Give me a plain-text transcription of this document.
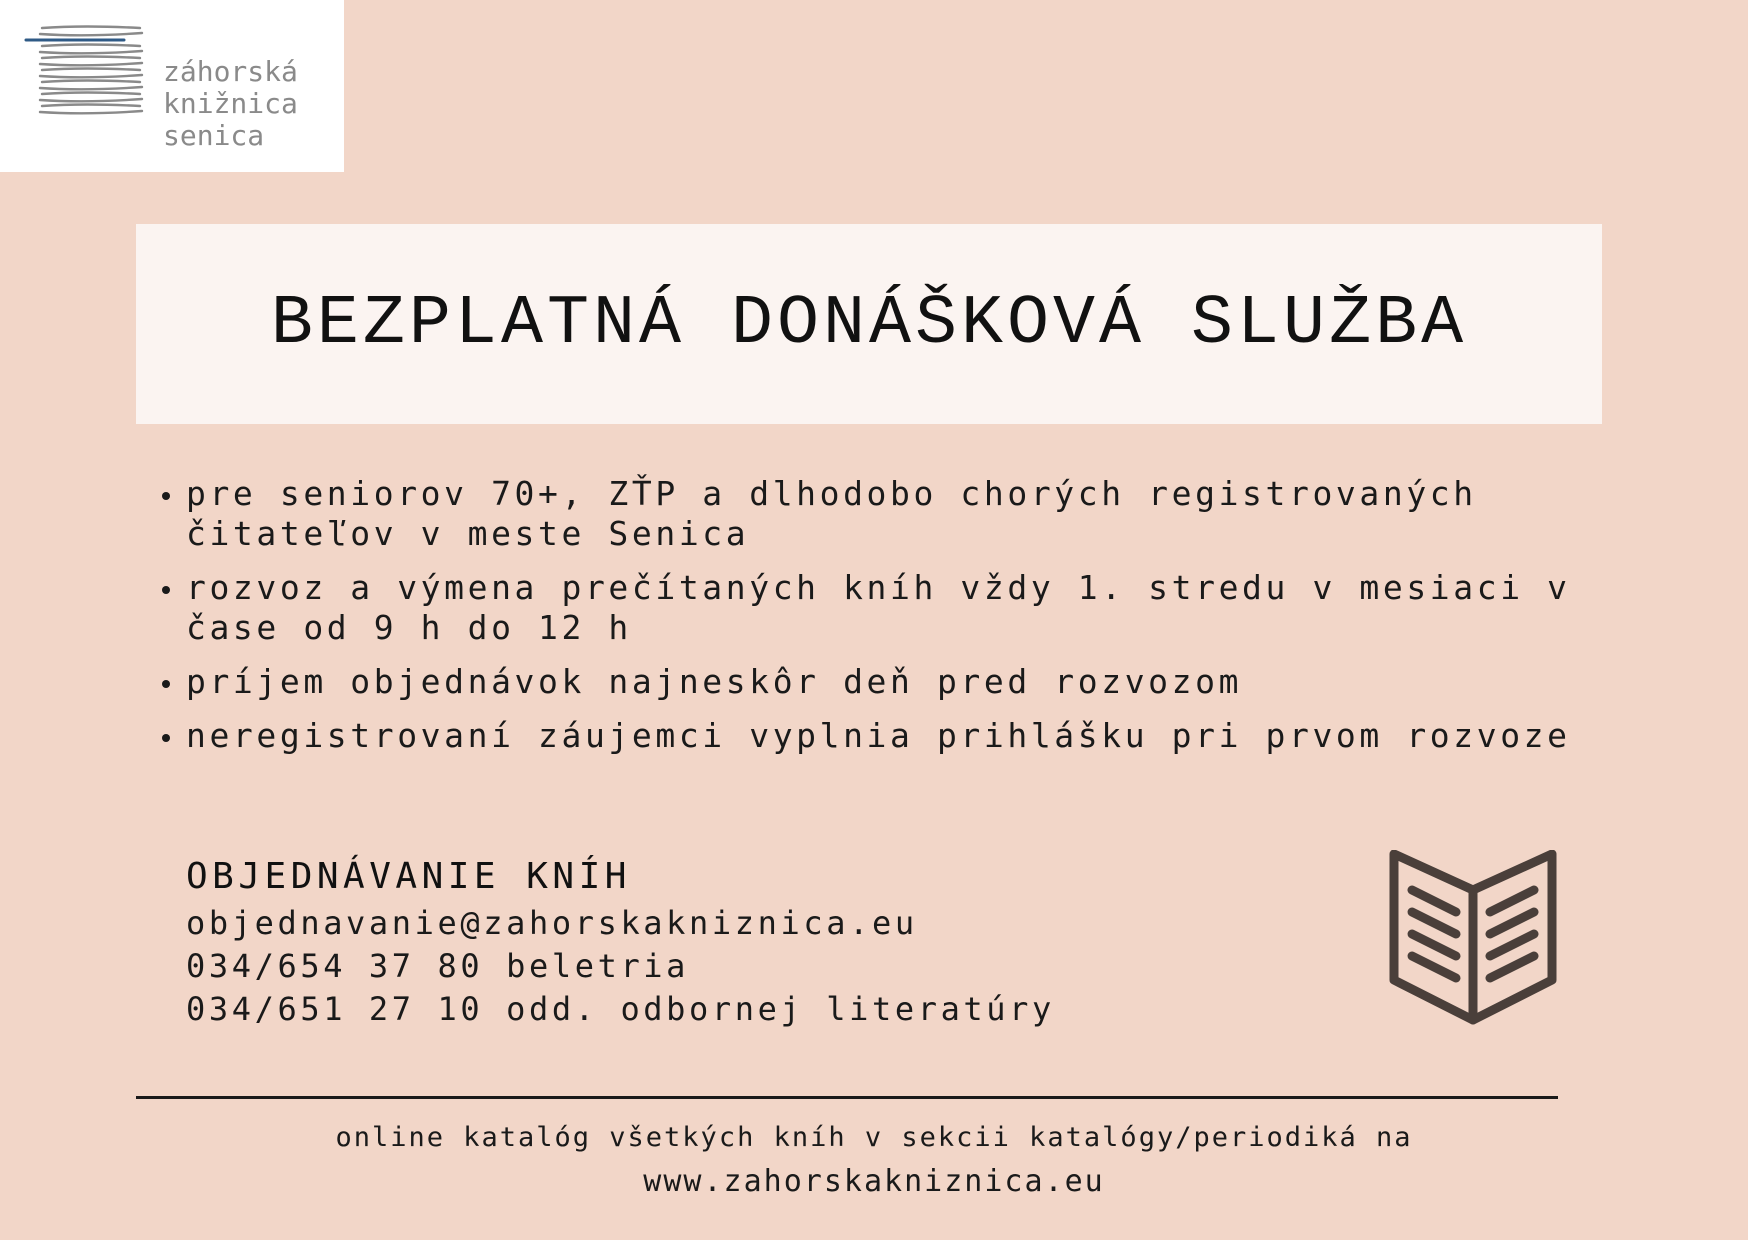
záhorská
knižnica
senica
BEZPLATNÁ DONÁŠKOVÁ SLUŽBA
pre seniorov 70+, ZŤP a dlhodobo chorých registrovaných čitateľov v meste Senica
rozvoz a výmena prečítaných kníh vždy 1. stredu v mesiaci v čase od 9 h do 12 h
príjem objednávok najneskôr deň pred rozvozom
neregistrovaní záujemci vyplnia prihlášku pri prvom rozvoze
OBJEDNÁVANIE KNÍH
objednavanie@zahorskakniznica.eu
034/654 37 80 beletria
034/651 27 10 odd. odbornej literatúry
online katalóg všetkých kníh v sekcii katalógy/periodiká na
www.zahorskakniznica.eu
